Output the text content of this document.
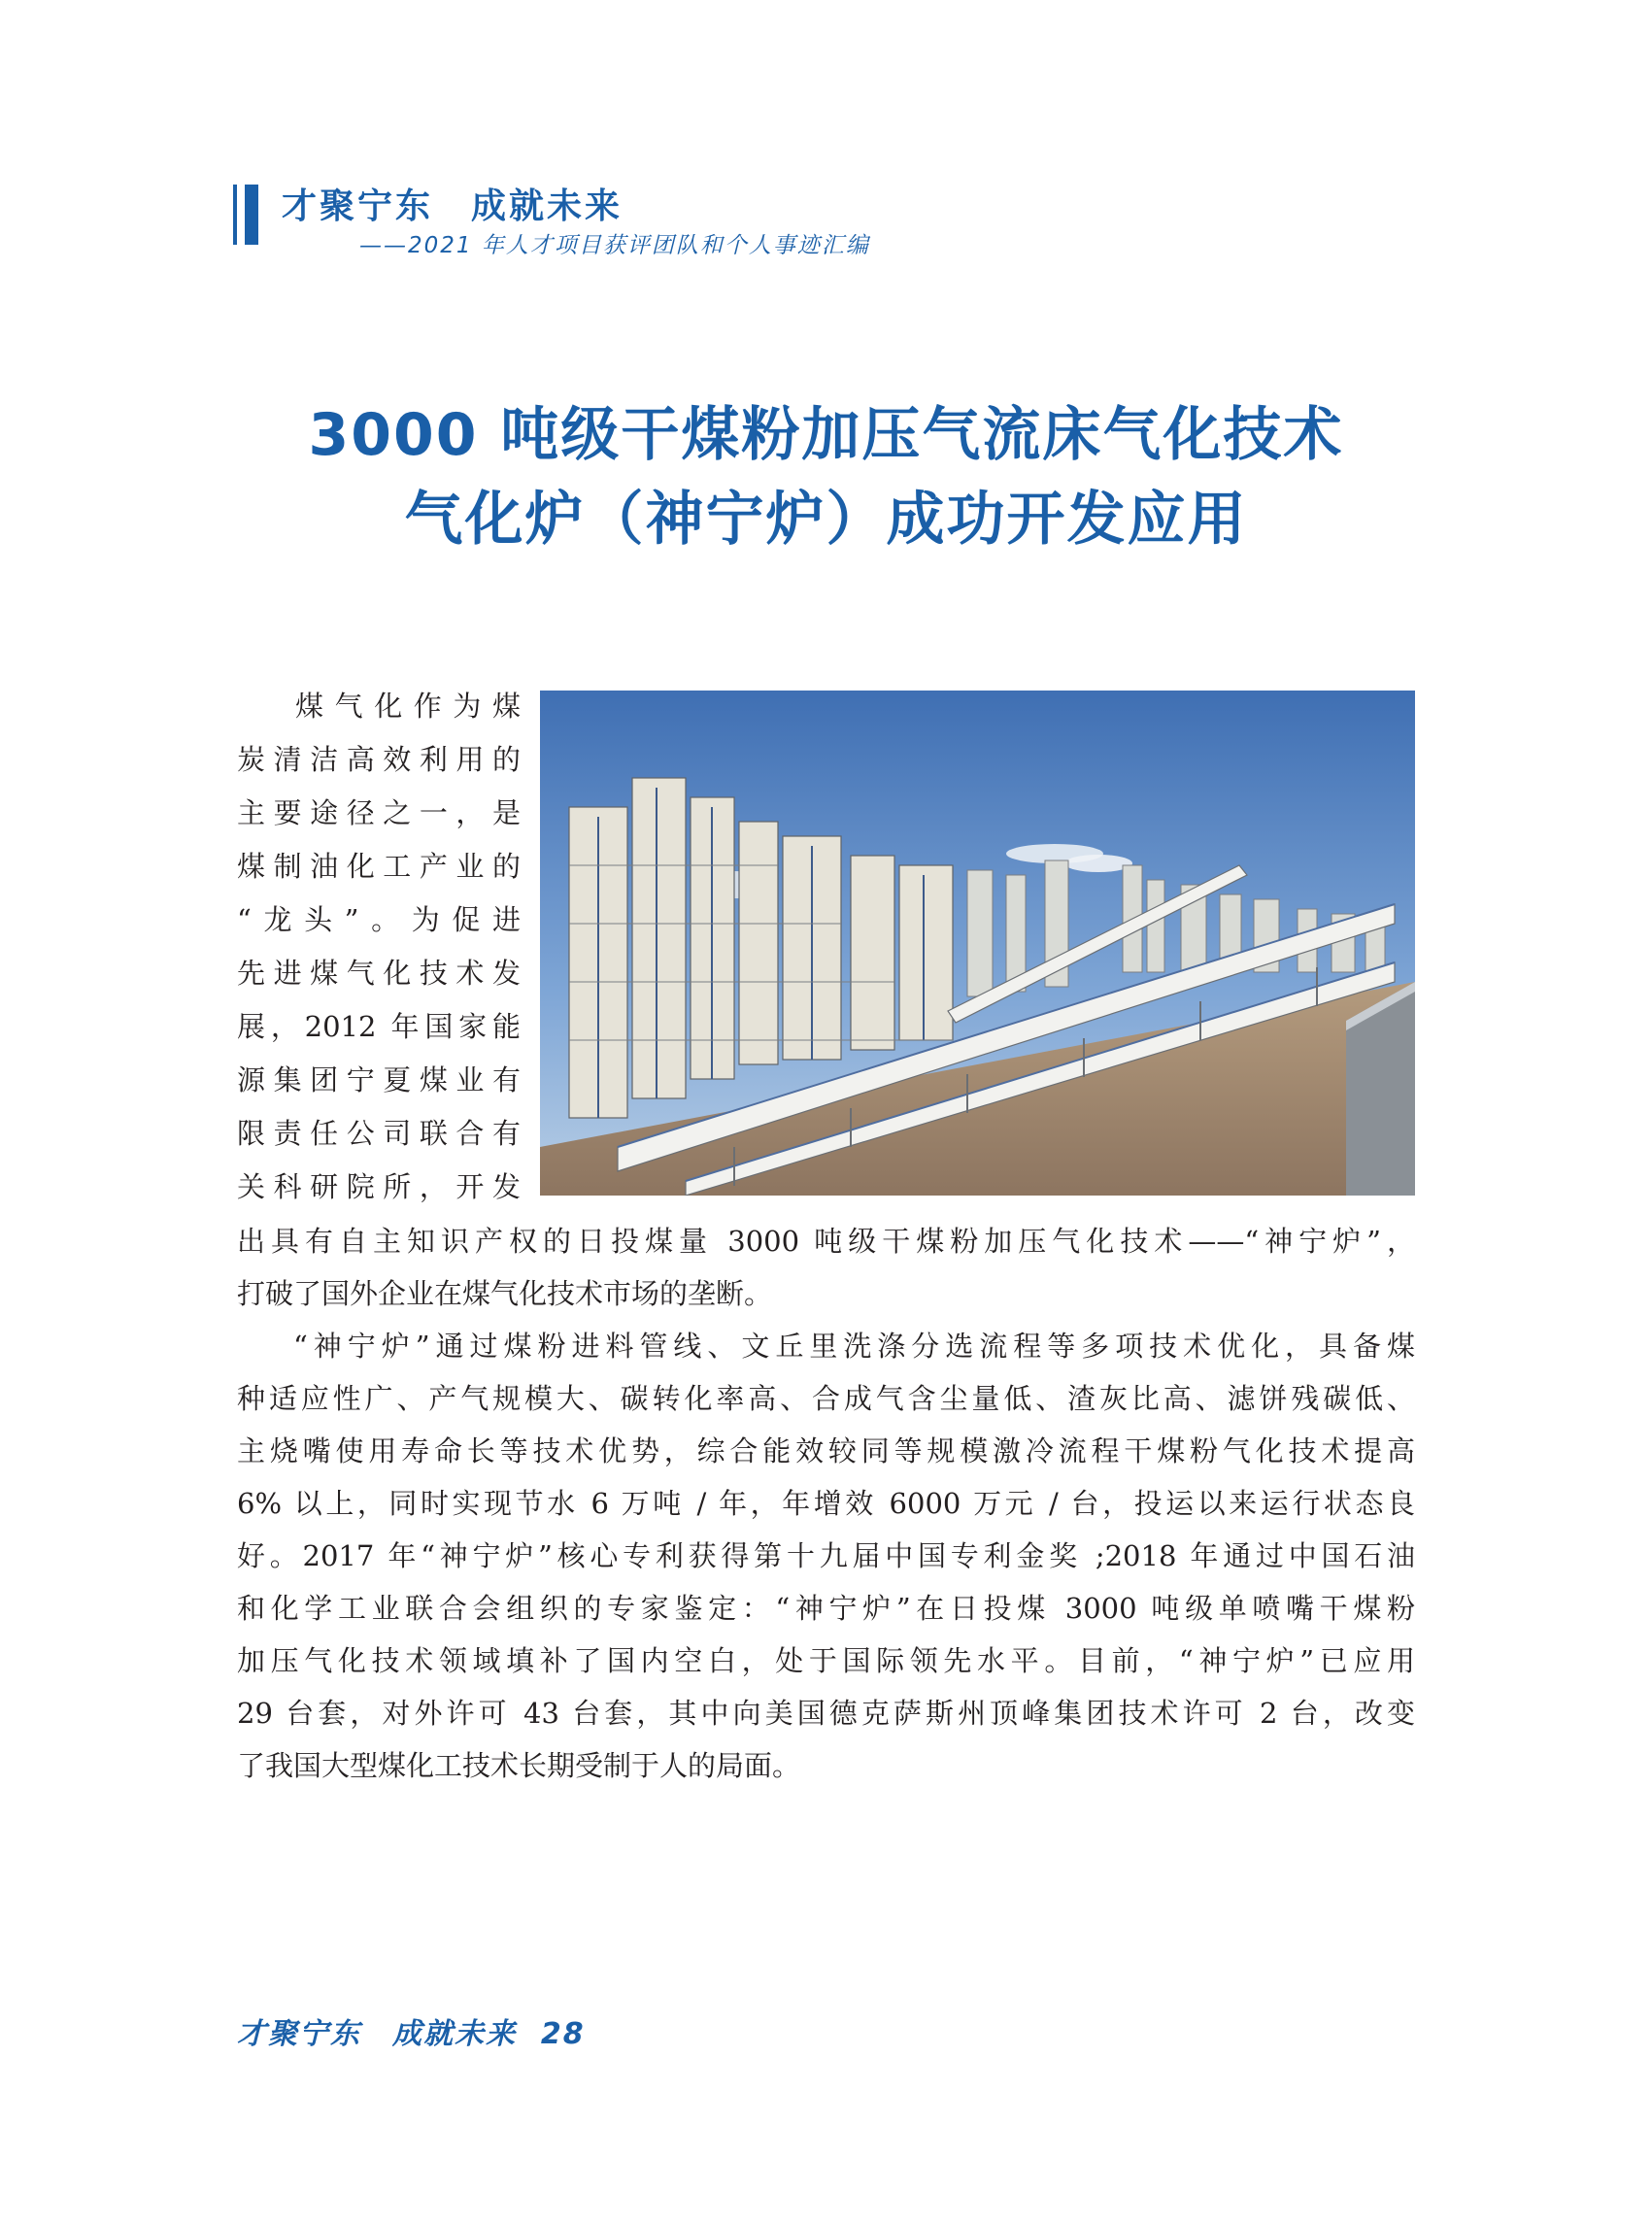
才聚宁东　成就未来
——2021 年人才项目获评团队和个人事迹汇编
3000 吨级干煤粉加压气流床气化技术
气化炉（神宁炉）成功开发应用
煤气化作为煤
炭清洁高效利用的
主要途径之一，是
煤制油化工产业的
“龙头”。为促进
先进煤气化技术发
展，2012 年国家能
源集团宁夏煤业有
限责任公司联合有
关科研院所，开发
出具有自主知识产权的日投煤量 3000 吨级干煤粉加压气化技术——“神宁炉”，
打破了国外企业在煤气化技术市场的垄断。
“神宁炉”通过煤粉进料管线、文丘里洗涤分选流程等多项技术优化，具备煤
种适应性广、产气规模大、碳转化率高、合成气含尘量低、渣灰比高、滤饼残碳低、
主烧嘴使用寿命长等技术优势，综合能效较同等规模激冷流程干煤粉气化技术提高
6% 以上，同时实现节水 6 万吨 / 年，年增效 6000 万元 / 台，投运以来运行状态良
好。2017 年“神宁炉”核心专利获得第十九届中国专利金奖 ;2018 年通过中国石油
和化学工业联合会组织的专家鉴定：“神宁炉”在日投煤 3000 吨级单喷嘴干煤粉
加压气化技术领域填补了国内空白，处于国际领先水平。目前，“神宁炉”已应用
29 台套，对外许可 43 台套，其中向美国德克萨斯州顶峰集团技术许可 2 台，改变
了我国大型煤化工技术长期受制于人的局面。
才聚宁东　成就未来 28
